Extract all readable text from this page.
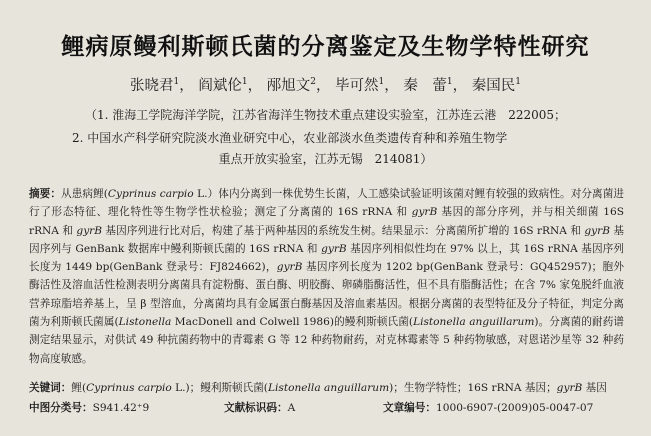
鲤病原鳗利斯顿氏菌的分离鉴定及生物学特性研究
张晓君$^1$， 阎斌伦$^1$， 邴旭文$^2$， 毕可然$^1$， 秦　蕾$^1$， 秦国民$^1$
（1. 淮海工学院海洋学院，江苏省海洋生物技术重点建设实验室，江苏连云港　222005；
2. 中国水产科学研究院淡水渔业研究中心，农业部淡水鱼类遗传育种和养殖生物学
重点开放实验室，江苏无锡　214081）
摘要：从患病鲤(Cyprinus carpio L.）体内分离到一株优势生长菌，人工感染试验证明该菌对鲤有较强的致病性。对分离菌进行了形态特征、理化特性等生物学性状检验；测定了分离菌的 16S rRNA 和 gyrB 基因的部分序列，并与相关细菌 16S rRNA 和 gyrB 基因序列进行比对后，构建了基于两种基因的系统发生树。结果显示：分离菌所扩增的 16S rRNA 和 gyrB 基因序列与 GenBank 数据库中鳗利斯顿氏菌的 16S rRNA 和 gyrB 基因序列相似性均在 97% 以上，其 16S rRNA 基因序列长度为 1449 bp(GenBank 登录号：FJ824662)，gyrB 基因序列长度为 1202 bp(GenBank 登录号：GQ452957)；胞外酶活性及溶血活性检测表明分离菌具有淀粉酶、蛋白酶、明胶酶、卵磷脂酶活性，但不具有脂酶活性；在含 7% 家兔脱纤血液营养琼脂培养基上，呈 β 型溶血，分离菌均具有金属蛋白酶基因及溶血素基因。根据分离菌的表型特征及分子特征，判定分离菌为利斯顿氏菌属(Listonella MacDonell and Colwell 1986)的鳗利斯顿氏菌(Listonella anguillarum)。分离菌的耐药谱测定结果显示，对供试 49 种抗菌药物中的青霉素 G 等 12 种药物耐药，对克林霉素等 5 种药物敏感，对恩诺沙星等 32 种药物高度敏感。
关键词：鲤(Cyprinus carpio L.)；鳗利斯顿氏菌(Listonella anguillarum)；生物学特性；16S rRNA 基因；gyrB 基因
中图分类号：S941.42⁺9	文献标识码：A	文章编号：1000-6907-(2009)05-0047-07
